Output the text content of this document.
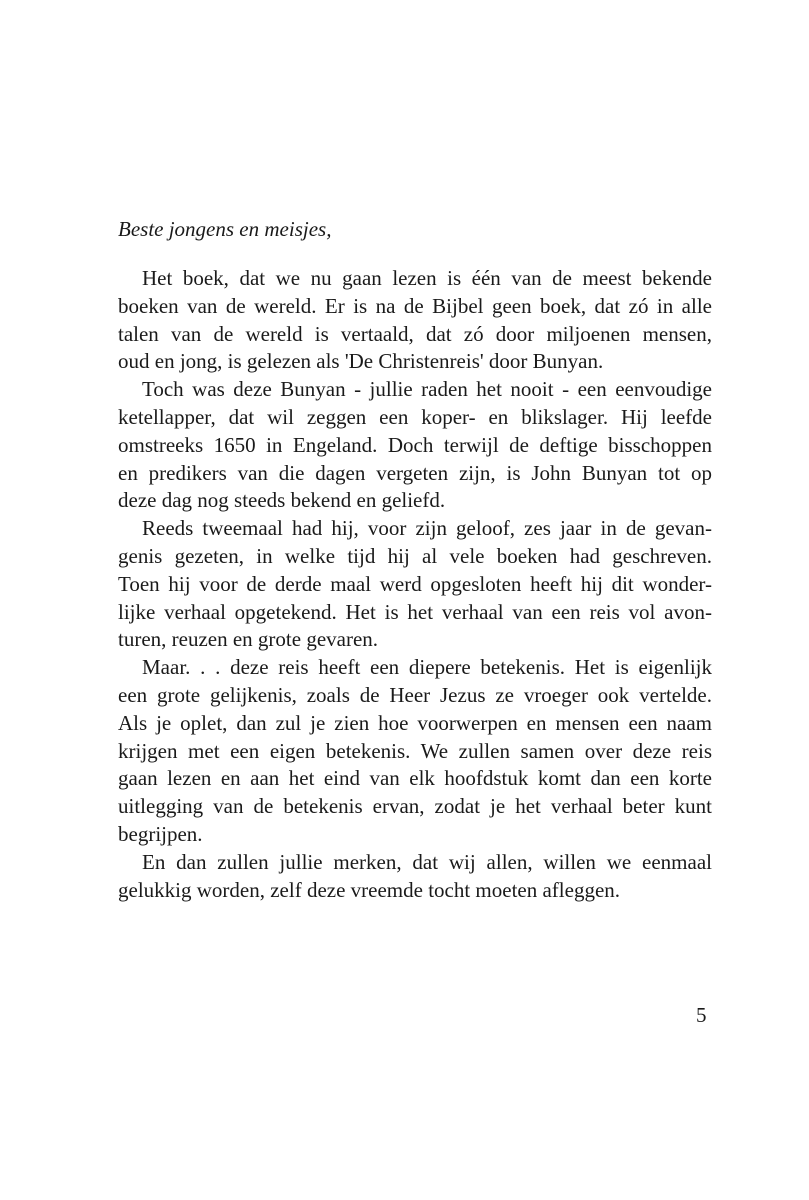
Beste jongens en meisjes,
Het boek, dat we nu gaan lezen is één van de meest bekende
boeken van de wereld. Er is na de Bijbel geen boek, dat zó in alle
talen van de wereld is vertaald, dat zó door miljoenen mensen,
oud en jong, is gelezen als 'De Christenreis' door Bunyan.
Toch was deze Bunyan - jullie raden het nooit - een eenvoudige
ketellapper, dat wil zeggen een koper- en blikslager. Hij leefde
omstreeks 1650 in Engeland. Doch terwijl de deftige bisschoppen
en predikers van die dagen vergeten zijn, is John Bunyan tot op
deze dag nog steeds bekend en geliefd.
Reeds tweemaal had hij, voor zijn geloof, zes jaar in de gevan-
genis gezeten, in welke tijd hij al vele boeken had geschreven.
Toen hij voor de derde maal werd opgesloten heeft hij dit wonder-
lijke verhaal opgetekend. Het is het verhaal van een reis vol avon-
turen, reuzen en grote gevaren.
Maar. . . deze reis heeft een diepere betekenis. Het is eigenlijk
een grote gelijkenis, zoals de Heer Jezus ze vroeger ook vertelde.
Als je oplet, dan zul je zien hoe voorwerpen en mensen een naam
krijgen met een eigen betekenis. We zullen samen over deze reis
gaan lezen en aan het eind van elk hoofdstuk komt dan een korte
uitlegging van de betekenis ervan, zodat je het verhaal beter kunt
begrijpen.
En dan zullen jullie merken, dat wij allen, willen we eenmaal
gelukkig worden, zelf deze vreemde tocht moeten afleggen.
5
